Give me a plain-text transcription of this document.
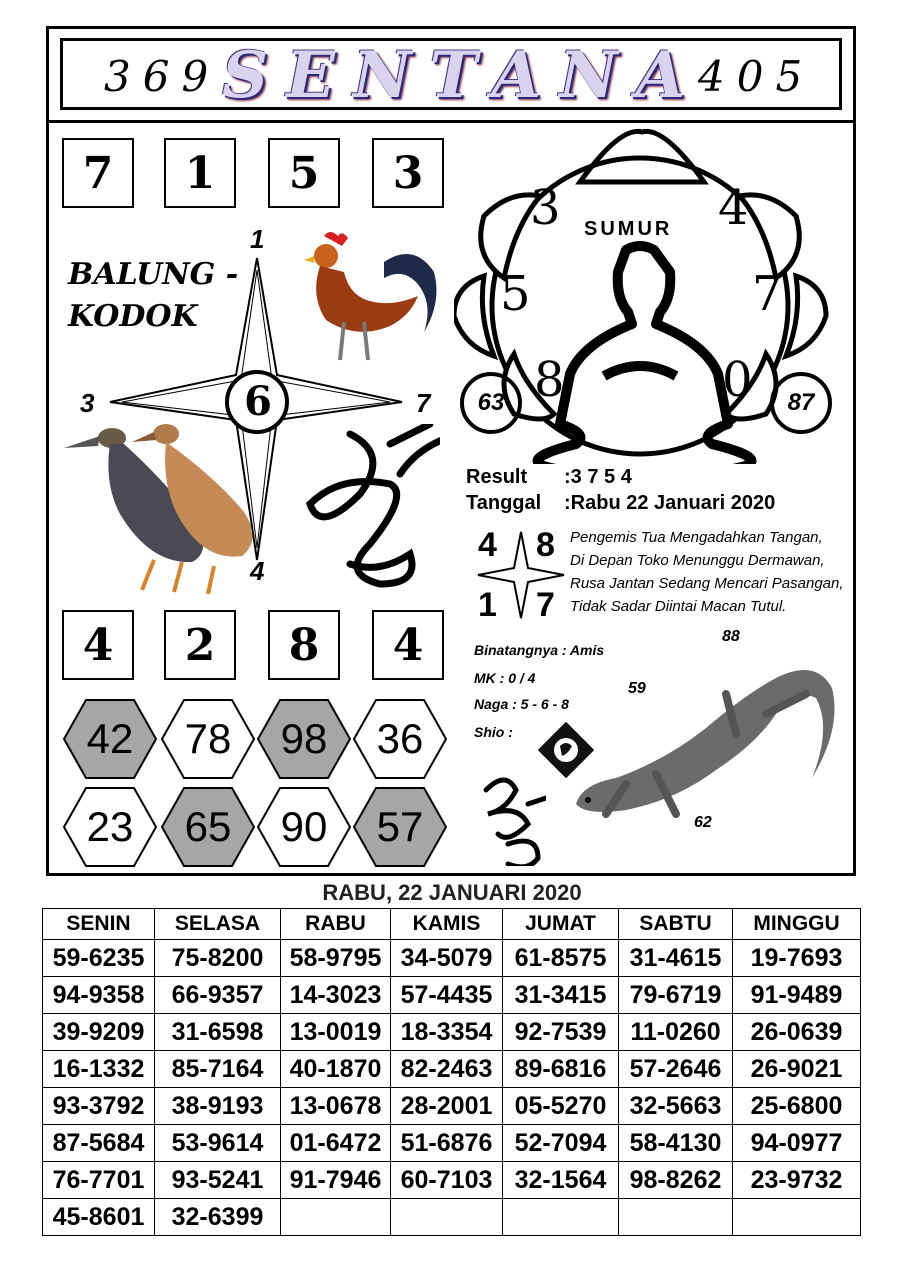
369 SENTANA
405
7	1	5	3
BALUNG -
KODOK
6
1
3	7
4
SUMUR
3	4
5	7
8	0
63	87
Result :3 7 5 4
Tanggal :Rabu 22 Januari 2020
4 8
1 7
Pengemis Tua Mengadahkan Tangan,
Di Depan Toko Menunggu Dermawan,
Rusa Jantan Sedang Mencari Pasangan,
Tidak Sadar Diintai Macan Tutul.
Binatangnya : Amis
MK : 0 / 4
Naga : 5 - 6 - 8
Shio :
88
59
62
4	2	8	4
42 78 98 36
23 65 90 57
RABU, 22 JANUARI 2020
SENIN	SELASA	RABU	KAMIS	JUMAT	SABTU	MINGGU
59-6235	75-8200	58-9795	34-5079	61-8575	31-4615	19-7693
94-9358	66-9357	14-3023	57-4435	31-3415	79-6719	91-9489
39-9209	31-6598	13-0019	18-3354	92-7539	11-0260	26-0639
16-1332	85-7164	40-1870	82-2463	89-6816	57-2646	26-9021
93-3792	38-9193	13-0678	28-2001	05-5270	32-5663	25-6800
87-5684	53-9614	01-6472	51-6876	52-7094	58-4130	94-0977
76-7701	93-5241	91-7946	60-7103	32-1564	98-8262	23-9732
45-8601	32-6399					
